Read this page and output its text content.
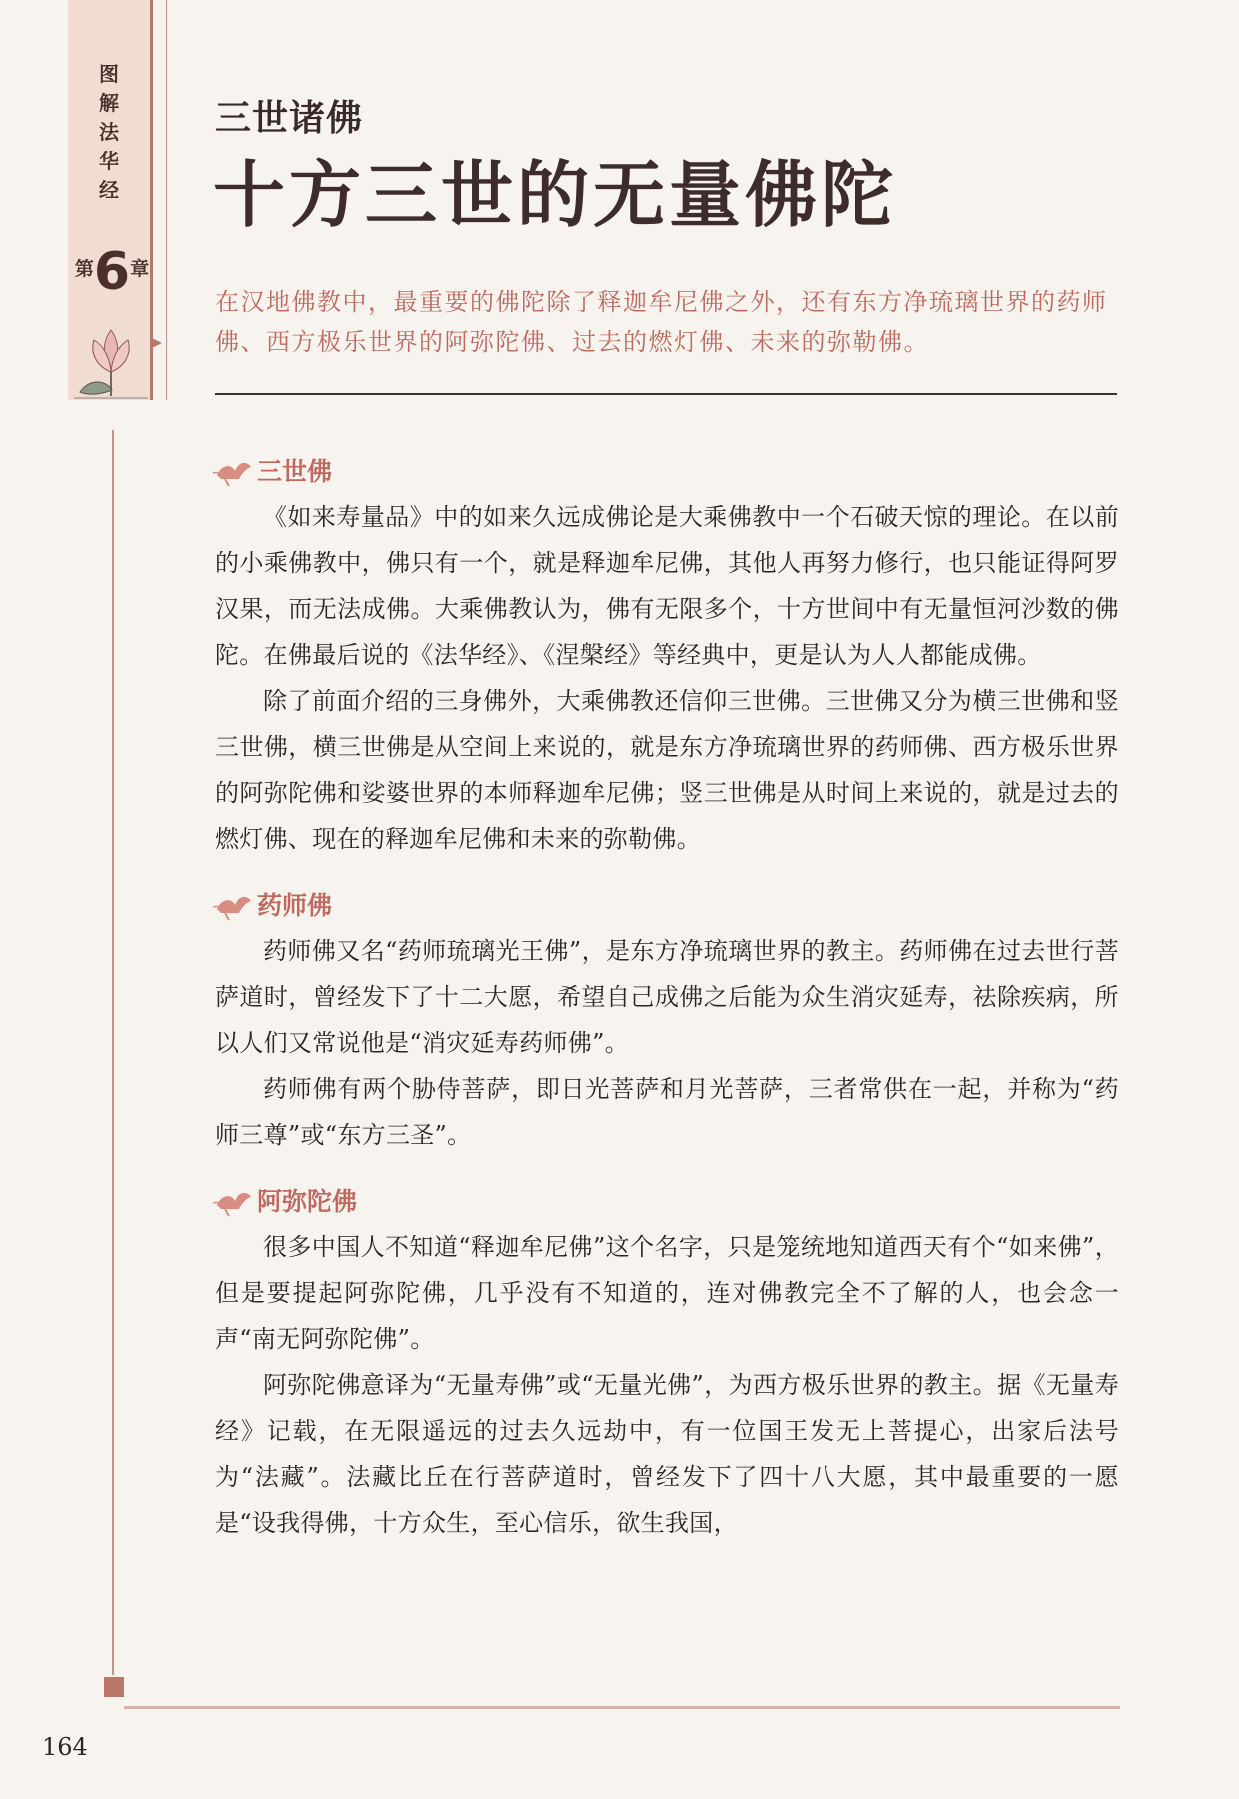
图
解
法
华
经
第6章
164
三世诸佛
十方三世的无量佛陀
在汉地佛教中，最重要的佛陀除了释迦牟尼佛之外，还有东方净琉璃世界的药师佛、西方极乐世界的阿弥陀佛、过去的燃灯佛、未来的弥勒佛。
三世佛

《如来寿量品》中的如来久远成佛论是大乘佛教中一个石破天惊的理论。在以前的小乘佛教中，佛只有一个，就是释迦牟尼佛，其他人再努力修行，也只能证得阿罗汉果，而无法成佛。大乘佛教认为，佛有无限多个，十方世间中有无量恒河沙数的佛陀。在佛最后说的《法华经》、《涅槃经》等经典中，更是认为人人都能成佛。

除了前面介绍的三身佛外，大乘佛教还信仰三世佛。三世佛又分为横三世佛和竖三世佛，横三世佛是从空间上来说的，就是东方净琉璃世界的药师佛、西方极乐世界的阿弥陀佛和娑婆世界的本师释迦牟尼佛；竖三世佛是从时间上来说的，就是过去的燃灯佛、现在的释迦牟尼佛和未来的弥勒佛。

药师佛

药师佛又名“药师琉璃光王佛”，是东方净琉璃世界的教主。药师佛在过去世行菩萨道时，曾经发下了十二大愿，希望自己成佛之后能为众生消灾延寿，祛除疾病，所以人们又常说他是“消灾延寿药师佛”。

药师佛有两个胁侍菩萨，即日光菩萨和月光菩萨，三者常供在一起，并称为“药师三尊”或“东方三圣”。

阿弥陀佛

很多中国人不知道“释迦牟尼佛”这个名字，只是笼统地知道西天有个“如来佛”，但是要提起阿弥陀佛，几乎没有不知道的，连对佛教完全不了解的人，也会念一声“南无阿弥陀佛”。

阿弥陀佛意译为“无量寿佛”或“无量光佛”，为西方极乐世界的教主。据《无量寿经》记载，在无限遥远的过去久远劫中，有一位国王发无上菩提心，出家后法号为“法藏”。法藏比丘在行菩萨道时，曾经发下了四十八大愿，其中最重要的一愿是“设我得佛，十方众生，至心信乐，欲生我国，
